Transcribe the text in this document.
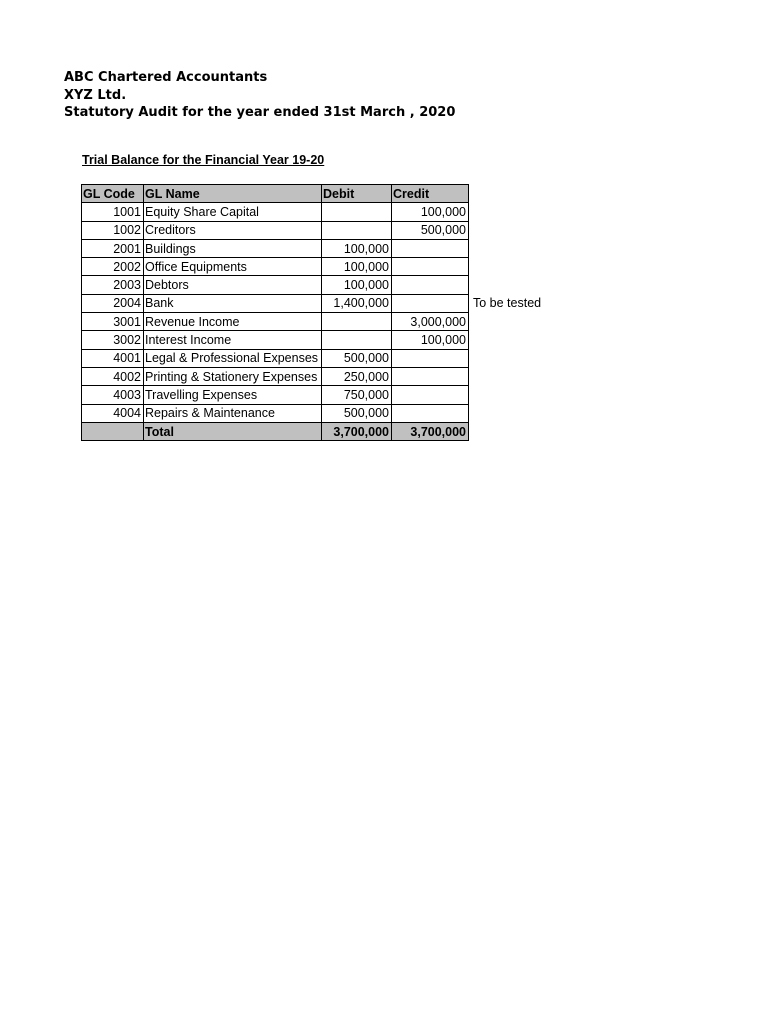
ABC Chartered Accountants
XYZ Ltd.
Statutory Audit for the year ended 31st March , 2020
Trial Balance for the Financial Year 19-20
GL Code	GL Name	Debit	Credit
1001	Equity Share Capital		100,000
1002	Creditors		500,000
2001	Buildings	100,000	
2002	Office Equipments	100,000	
2003	Debtors	100,000	
2004	Bank	1,400,000	
3001	Revenue Income		3,000,000
3002	Interest Income		100,000
4001	Legal & Professional Expenses	500,000	
4002	Printing & Stationery Expenses	250,000	
4003	Travelling Expenses	750,000	
4004	Repairs & Maintenance	500,000	
	Total	3,700,000	3,700,000
To be tested
